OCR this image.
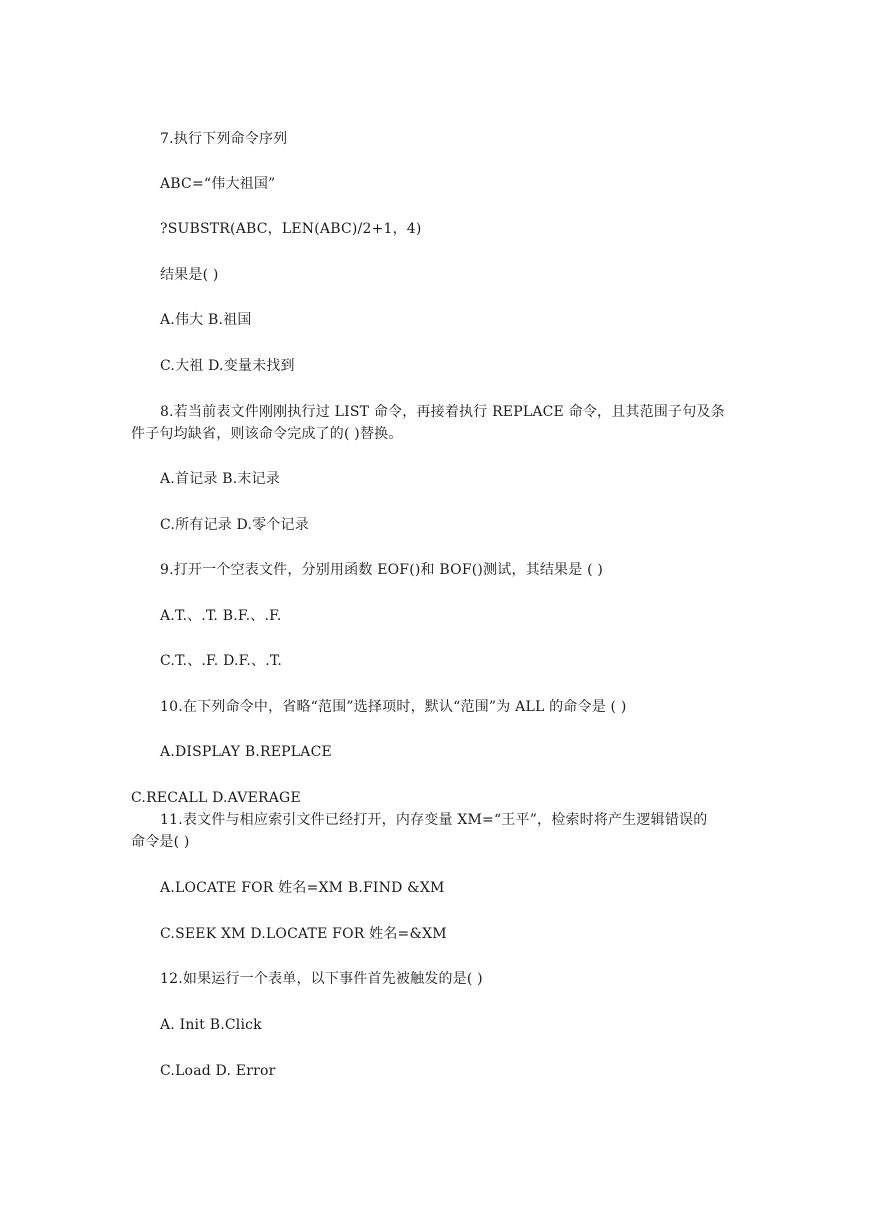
7.执行下列命令序列
ABC=“伟大祖国”
?SUBSTR(ABC，LEN(ABC)/2+1，4)
结果是( )
A.伟大 B.祖国
C.大祖 D.变量未找到
8.若当前表文件刚刚执行过 LIST 命令，再接着执行 REPLACE 命令，且其范围子句及条
件子句均缺省，则该命令完成了的( )替换。
A.首记录 B.末记录
C.所有记录 D.零个记录
9.打开一个空表文件，分别用函数 EOF()和 BOF()测试，其结果是 ( )
A.T.、.T. B.F.、.F.
C.T.、.F. D.F.、.T.
10.在下列命令中，省略“范围”选择项时，默认“范围”为 ALL 的命令是 ( )
A.DISPLAY B.REPLACE
C.RECALL D.AVERAGE
11.表文件与相应索引文件已经打开，内存变量 XM=“王平”，检索时将产生逻辑错误的
命令是( )
A.LOCATE FOR 姓名=XM B.FIND &XM
C.SEEK XM D.LOCATE FOR 姓名=&XM
12.如果运行一个表单，以下事件首先被触发的是( )
A. Init B.Click
C.Load D. Error
